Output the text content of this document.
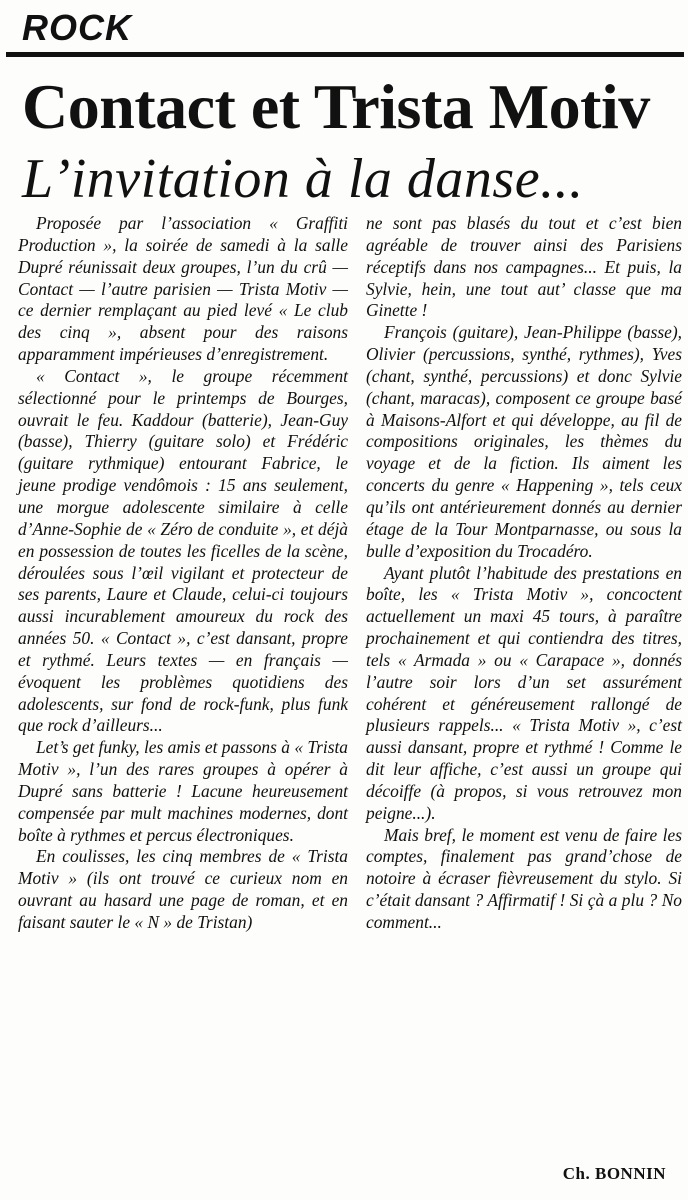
ROCK
Contact et Trista Motiv
L’invitation à la danse...

Proposée par l’association « Graffiti Production », la soirée de samedi à la salle Dupré réunissait deux groupes, l’un du crû — Contact — l’autre parisien — Trista Motiv — ce dernier remplaçant au pied levé « Le club des cinq », absent pour des raisons apparamment impérieuses d’enregistrement.

« Contact », le groupe récemment sélectionné pour le printemps de Bourges, ouvrait le feu. Kaddour (batterie), Jean-Guy (basse), Thierry (guitare solo) et Frédéric (guitare rythmique) entourant Fabrice, le jeune prodige vendômois : 15 ans seulement, une morgue adolescente similaire à celle d’Anne-Sophie de « Zéro de conduite », et déjà en possession de toutes les ficelles de la scène, déroulées sous l’œil vigilant et protecteur de ses parents, Laure et Claude, celui-ci toujours aussi incurablement amoureux du rock des années 50. « Contact », c’est dansant, propre et rythmé. Leurs textes — en français — évoquent les problèmes quotidiens des adolescents, sur fond de rock-funk, plus funk que rock d’ailleurs...

Let’s get funky, les amis et passons à « Trista Motiv », l’un des rares groupes à opérer à Dupré sans batterie ! Lacune heureusement compensée par mult machines modernes, dont boîte à rythmes et percus électroniques.

En coulisses, les cinq membres de « Trista Motiv » (ils ont trouvé ce curieux nom en ouvrant au hasard une page de roman, et en faisant sauter le « N » de Tristan)

ne sont pas blasés du tout et c’est bien agréable de trouver ainsi des Parisiens réceptifs dans nos campagnes... Et puis, la Sylvie, hein, une tout aut’ classe que ma Ginette !

François (guitare), Jean-Philippe (basse), Olivier (percussions, synthé, rythmes), Yves (chant, synthé, percussions) et donc Sylvie (chant, maracas), composent ce groupe basé à Maisons-Alfort et qui développe, au fil de compositions originales, les thèmes du voyage et de la fiction. Ils aiment les concerts du genre « Happening », tels ceux qu’ils ont antérieurement donnés au dernier étage de la Tour Montparnasse, ou sous la bulle d’exposition du Trocadéro.

Ayant plutôt l’habitude des prestations en boîte, les « Trista Motiv », concoctent actuellement un maxi 45 tours, à paraître prochainement et qui contiendra des titres, tels « Armada » ou « Carapace », donnés l’autre soir lors d’un set assurément cohérent et généreusement rallongé de plusieurs rappels... « Trista Motiv », c’est aussi dansant, propre et rythmé ! Comme le dit leur affiche, c’est aussi un groupe qui décoiffe (à propos, si vous retrouvez mon peigne...).

Mais bref, le moment est venu de faire les comptes, finalement pas grand’chose de notoire à écraser fièvreusement du stylo. Si c’était dansant ? Affirmatif ! Si çà a plu ? No comment...

Ch. BONNIN
